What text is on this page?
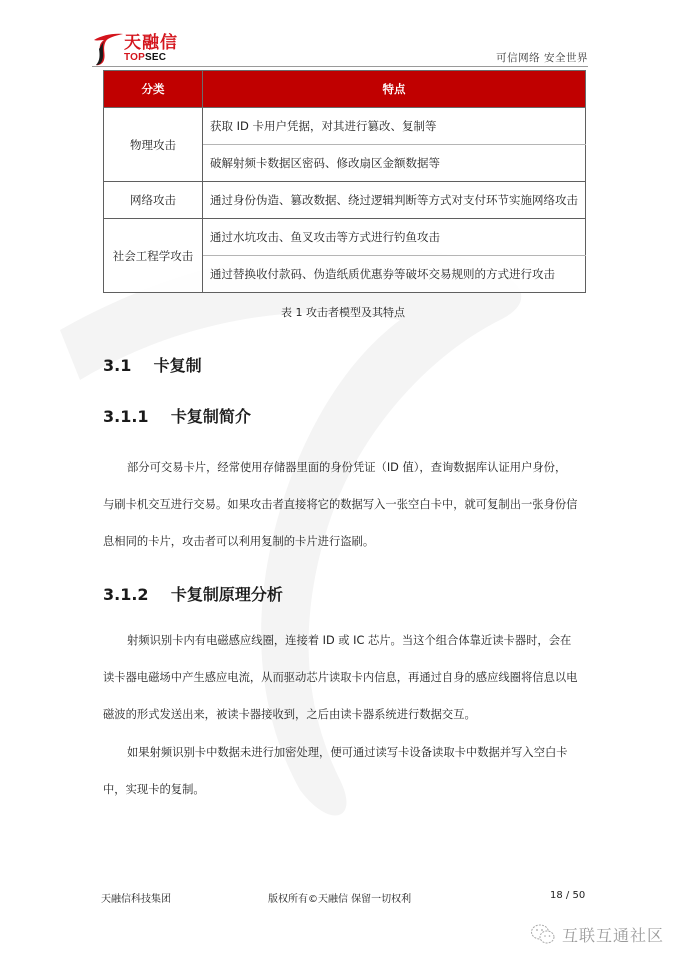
天融信
TOPSEC	可信网络 安全世界
分类	特点
物理攻击	获取 ID 卡用户凭据，对其进行篡改、复制等
	破解射频卡数据区密码、修改扇区金额数据等
网络攻击	通过身份伪造、篡改数据、绕过逻辑判断等方式对支付环节实施网络攻击
社会工程学攻击	通过水坑攻击、鱼叉攻击等方式进行钓鱼攻击
	通过替换收付款码、伪造纸质优惠券等破坏交易规则的方式进行攻击
表 1 攻击者模型及其特点
3.1    卡复制
3.1.1    卡复制简介
部分可交易卡片，经常使用存储器里面的身份凭证（ID 值），查询数据库认证用户身份，
与刷卡机交互进行交易。如果攻击者直接将它的数据写入一张空白卡中，就可复制出一张身份信
息相同的卡片，攻击者可以利用复制的卡片进行盗刷。
3.1.2    卡复制原理分析
射频识别卡内有电磁感应线圈，连接着 ID 或 IC 芯片。当这个组合体靠近读卡器时，会在
读卡器电磁场中产生感应电流，从而驱动芯片读取卡内信息，再通过自身的感应线圈将信息以电
磁波的形式发送出来，被读卡器接收到，之后由读卡器系统进行数据交互。
如果射频识别卡中数据未进行加密处理，便可通过读写卡设备读取卡中数据并写入空白卡
中，实现卡的复制。
天融信科技集团	版权所有©天融信 保留一切权利	18 / 50
互联互通社区
